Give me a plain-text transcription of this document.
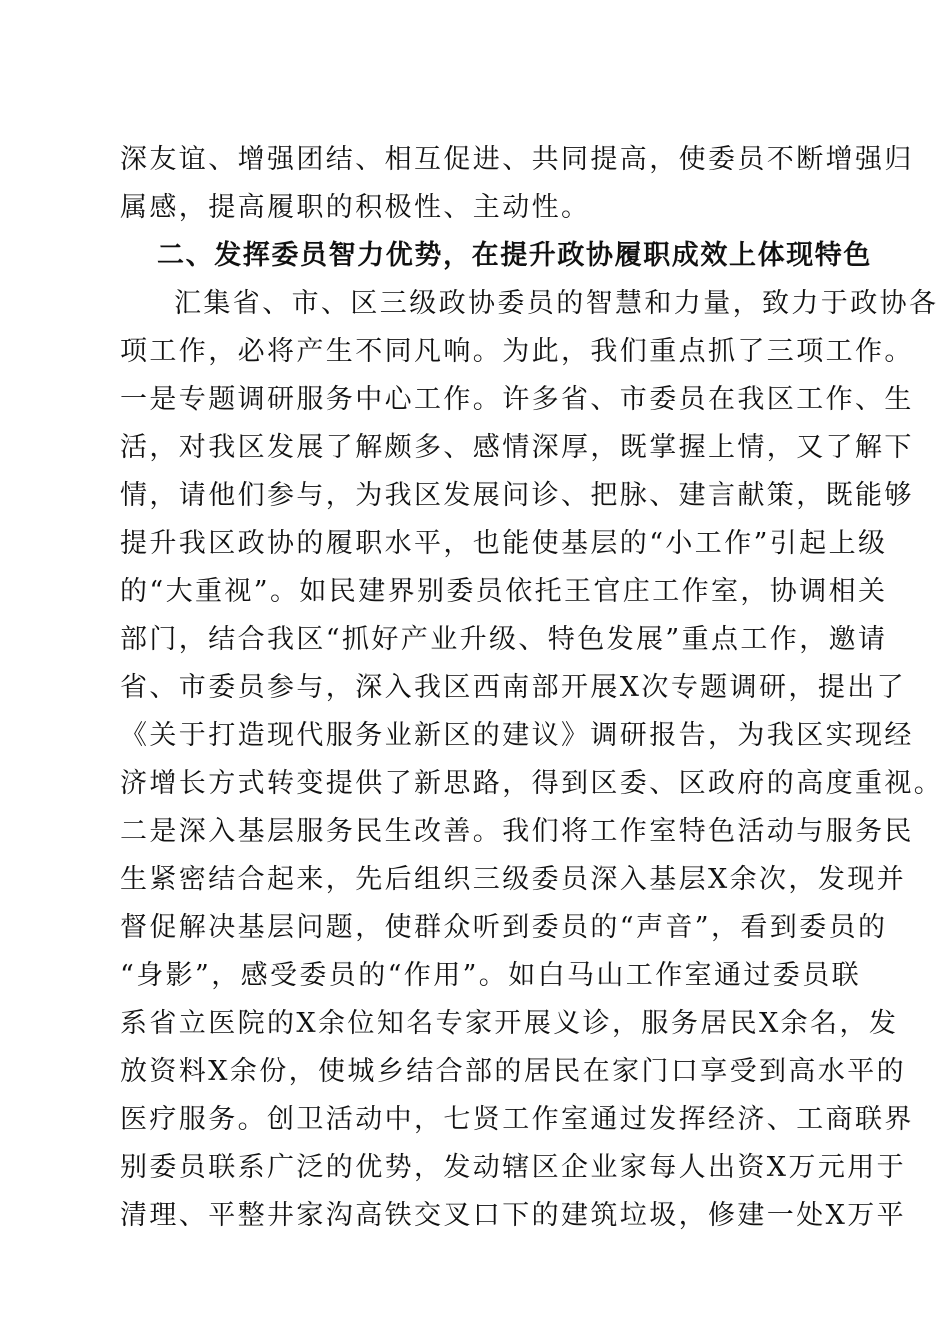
深友谊、增强团结、相互促进、共同提高，使委员不断增强归
属感，提高履职的积极性、主动性。
二、发挥委员智力优势，在提升政协履职成效上体现特色
汇集省、市、区三级政协委员的智慧和力量，致力于政协各
项工作，必将产生不同凡响。为此，我们重点抓了三项工作。
一是专题调研服务中心工作。许多省、市委员在我区工作、生
活，对我区发展了解颇多、感情深厚，既掌握上情，又了解下
情，请他们参与，为我区发展问诊、把脉、建言献策，既能够
提升我区政协的履职水平，也能使基层的“小工作”引起上级
的“大重视”。如民建界别委员依托王官庄工作室，协调相关
部门，结合我区“抓好产业升级、特色发展”重点工作，邀请
省、市委员参与，深入我区西南部开展X次专题调研，提出了
《关于打造现代服务业新区的建议》调研报告，为我区实现经
济增长方式转变提供了新思路，得到区委、区政府的高度重视。
二是深入基层服务民生改善。我们将工作室特色活动与服务民
生紧密结合起来，先后组织三级委员深入基层X余次，发现并
督促解决基层问题，使群众听到委员的“声音”，看到委员的
“身影”，感受委员的“作用”。如白马山工作室通过委员联
系省立医院的X余位知名专家开展义诊，服务居民X余名，发
放资料X余份，使城乡结合部的居民在家门口享受到高水平的
医疗服务。创卫活动中，七贤工作室通过发挥经济、工商联界
别委员联系广泛的优势，发动辖区企业家每人出资X万元用于
清理、平整井家沟高铁交叉口下的建筑垃圾，修建一处X万平
